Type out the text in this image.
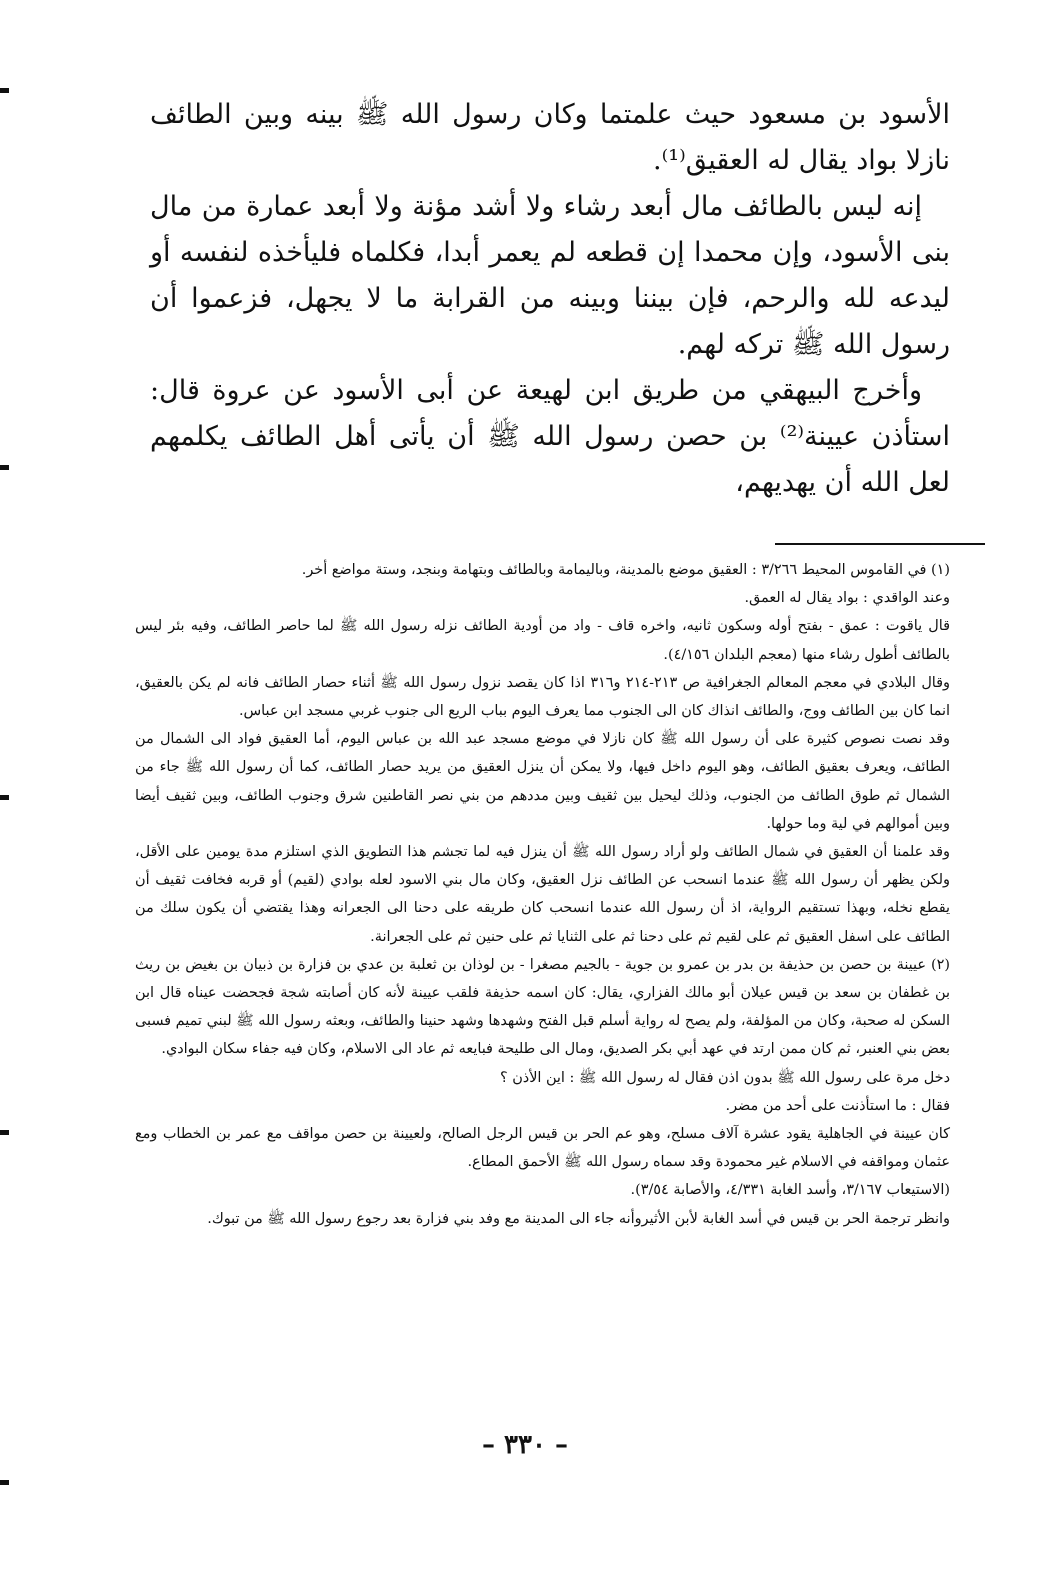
الأسود بن مسعود حيث علمتما وكان رسول الله ﷺ بينه وبين الطائف نازلا بواد يقال له العقيق⁽¹⁾.

إنه ليس بالطائف مال أبعد رشاء ولا أشد مؤنة ولا أبعد عمارة من مال بنى الأسود، وإن محمدا إن قطعه لم يعمر أبدا، فكلماه فليأخذه لنفسه أو ليدعه لله والرحم، فإن بيننا وبينه من القرابة ما لا يجهل، فزعموا أن رسول الله ﷺ تركه لهم.

وأخرج البيهقي من طريق ابن لهيعة عن أبى الأسود عن عروة قال: استأذن عيينة⁽²⁾ بن حصن رسول الله ﷺ أن يأتى أهل الطائف يكلمهم لعل الله أن يهديهم،

(١) في القاموس المحيط ٣/٢٦٦ : العقيق موضع بالمدينة، وباليمامة وبالطائف وبتهامة وبنجد، وستة مواضع أخر.

وعند الواقدي : بواد يقال له العمق.

قال ياقوت : عمق - بفتح أوله وسكون ثانيه، واخره قاف - واد من أودية الطائف نزله رسول الله ﷺ لما حاصر الطائف، وفيه بئر ليس بالطائف أطول رشاء منها (معجم البلدان ٤/١٥٦).

وقال البلادي في معجم المعالم الجغرافية ص ٢١٣-٢١٤ و٣١٦ اذا كان يقصد نزول رسول الله ﷺ أثناء حصار الطائف فانه لم يكن بالعقيق، انما كان بين الطائف ووج، والطائف انذاك كان الى الجنوب مما يعرف اليوم بباب الريع الى جنوب غربي مسجد ابن عباس.

وقد نصت نصوص كثيرة على أن رسول الله ﷺ كان نازلا في موضع مسجد عبد الله بن عباس اليوم، أما العقيق فواد الى الشمال من الطائف، ويعرف بعقيق الطائف، وهو اليوم داخل فيها، ولا يمكن أن ينزل العقيق من يريد حصار الطائف، كما أن رسول الله ﷺ جاء من الشمال ثم طوق الطائف من الجنوب، وذلك ليحيل بين ثقيف وبين مددهم من بني نصر القاطنين شرق وجنوب الطائف، وبين ثقيف أيضا وبين أموالهم في لية وما حولها.

وقد علمنا أن العقيق في شمال الطائف ولو أراد رسول الله ﷺ أن ينزل فيه لما تجشم هذا التطويق الذي استلزم مدة يومين على الأقل، ولكن يظهر أن رسول الله ﷺ عندما انسحب عن الطائف نزل العقيق، وكان مال بني الاسود لعله بوادي (لقيم) أو قربه فخافت ثقيف أن يقطع نخله، وبهذا تستقيم الرواية، اذ أن رسول الله عندما انسحب كان طريقه على دحنا الى الجعرانه وهذا يقتضي أن يكون سلك من الطائف على اسفل العقيق ثم على لقيم ثم على دحنا ثم على الثنايا ثم على حنين ثم على الجعرانة.

(٢) عيينة بن حصن بن حذيفة بن بدر بن عمرو بن جوية - بالجيم مصغرا - بن لوذان بن ثعلبة بن عدي بن فزارة بن ذبيان بن بغيض بن ريث بن غطفان بن سعد بن قيس عيلان أبو مالك الفزاري، يقال: كان اسمه حذيفة فلقب عيينة لأنه كان أصابته شجة فجحضت عيناه قال ابن السكن له صحبة، وكان من المؤلفة، ولم يصح له رواية أسلم قبل الفتح وشهدها وشهد حنينا والطائف، وبعثه رسول الله ﷺ لبني تميم فسبى بعض بني العنبر، ثم كان ممن ارتد في عهد أبي بكر الصديق، ومال الى طليحة فبايعه ثم عاد الى الاسلام، وكان فيه جفاء سكان البوادي.

دخل مرة على رسول الله ﷺ بدون اذن فقال له رسول الله ﷺ : اين الأذن ؟

فقال : ما استأذنت على أحد من مضر.

كان عيينة في الجاهلية يقود عشرة آلاف مسلح، وهو عم الحر بن قيس الرجل الصالح، ولعيينة بن حصن مواقف مع عمر بن الخطاب ومع عثمان ومواقفه في الاسلام غير محمودة وقد سماه رسول الله ﷺ الأحمق المطاع.

(الاستيعاب ٣/١٦٧، وأسد الغابة ٤/٣٣١، والأصابة ٣/٥٤).

وانظر ترجمة الحر بن قيس في أسد الغابة لأبن الأثيروأنه جاء الى المدينة مع وفد بني فزارة بعد رجوع رسول الله ﷺ من تبوك.

– ٣٣٠ –
